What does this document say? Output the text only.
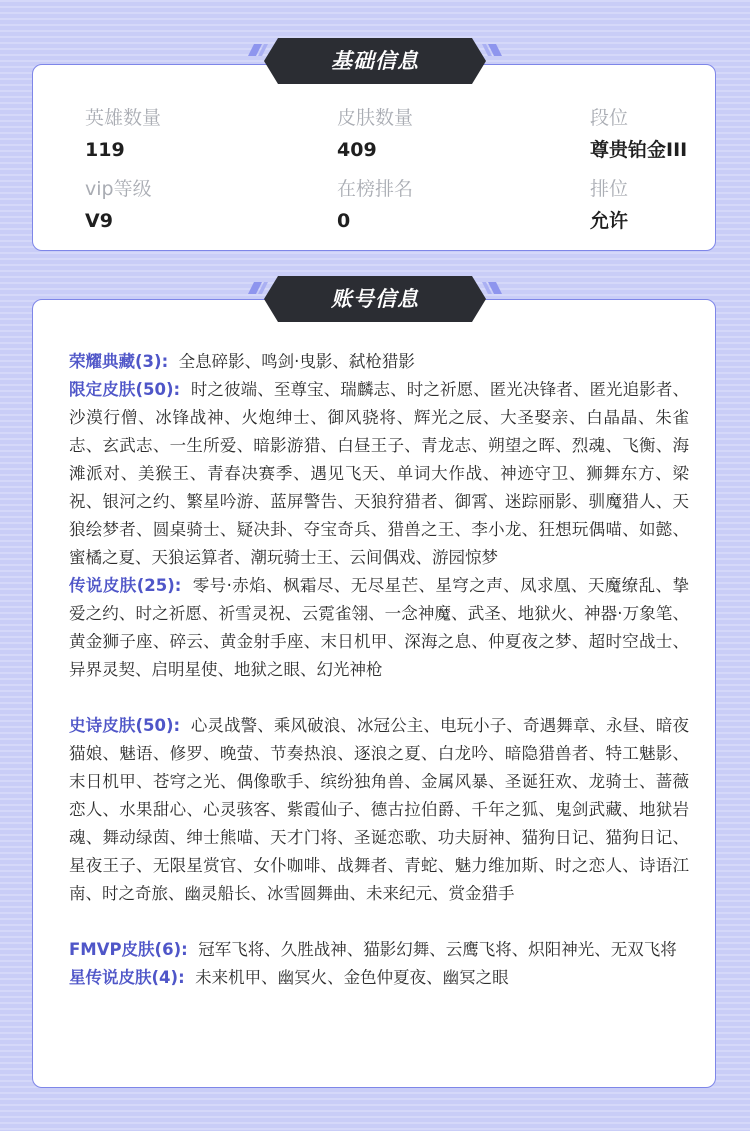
英雄数量
119
皮肤数量
409
段位
尊贵铂金III
vip等级
V9
在榜排名
0
排位
允许
基础信息

荣耀典藏(3): 全息碎影、鸣剑·曳影、弑枪猎影

限定皮肤(50): 时之彼端、至尊宝、瑞麟志、时之祈愿、匿光决锋者、匿光追影者、沙漠行僧、冰锋战神、火炮绅士、御风骁将、辉光之辰、大圣娶亲、白晶晶、朱雀志、玄武志、一生所爱、暗影游猎、白昼王子、青龙志、朔望之晖、烈魂、飞衡、海滩派对、美猴王、青春决赛季、遇见飞天、单词大作战、神迹守卫、狮舞东方、梁祝、银河之约、繁星吟游、蓝屏警告、天狼狩猎者、御霄、迷踪丽影、驯魔猎人、天狼绘梦者、圆桌骑士、疑决卦、夺宝奇兵、猎兽之王、李小龙、狂想玩偶喵、如懿、蜜橘之夏、天狼运算者、潮玩骑士王、云间偶戏、游园惊梦

传说皮肤(25): 零号·赤焰、枫霜尽、无尽星芒、星穹之声、凤求凰、天魔缭乱、挚爱之约、时之祈愿、祈雪灵祝、云霓雀翎、一念神魔、武圣、地狱火、神器·万象笔、黄金狮子座、碎云、黄金射手座、末日机甲、深海之息、仲夏夜之梦、超时空战士、异界灵契、启明星使、地狱之眼、幻光神枪

史诗皮肤(50): 心灵战警、乘风破浪、冰冠公主、电玩小子、奇遇舞章、永昼、暗夜猫娘、魅语、修罗、晚萤、节奏热浪、逐浪之夏、白龙吟、暗隐猎兽者、特工魅影、末日机甲、苍穹之光、偶像歌手、缤纷独角兽、金属风暴、圣诞狂欢、龙骑士、蔷薇恋人、水果甜心、心灵骇客、紫霞仙子、德古拉伯爵、千年之狐、鬼剑武藏、地狱岩魂、舞动绿茵、绅士熊喵、天才门将、圣诞恋歌、功夫厨神、猫狗日记、猫狗日记、星夜王子、无限星赏官、女仆咖啡、战舞者、青蛇、魅力维加斯、时之恋人、诗语江南、时之奇旅、幽灵船长、冰雪圆舞曲、未来纪元、赏金猎手

FMVP皮肤(6): 冠军飞将、久胜战神、猫影幻舞、云鹰飞将、炽阳神光、无双飞将

星传说皮肤(4): 未来机甲、幽冥火、金色仲夏夜、幽冥之眼

账号信息
